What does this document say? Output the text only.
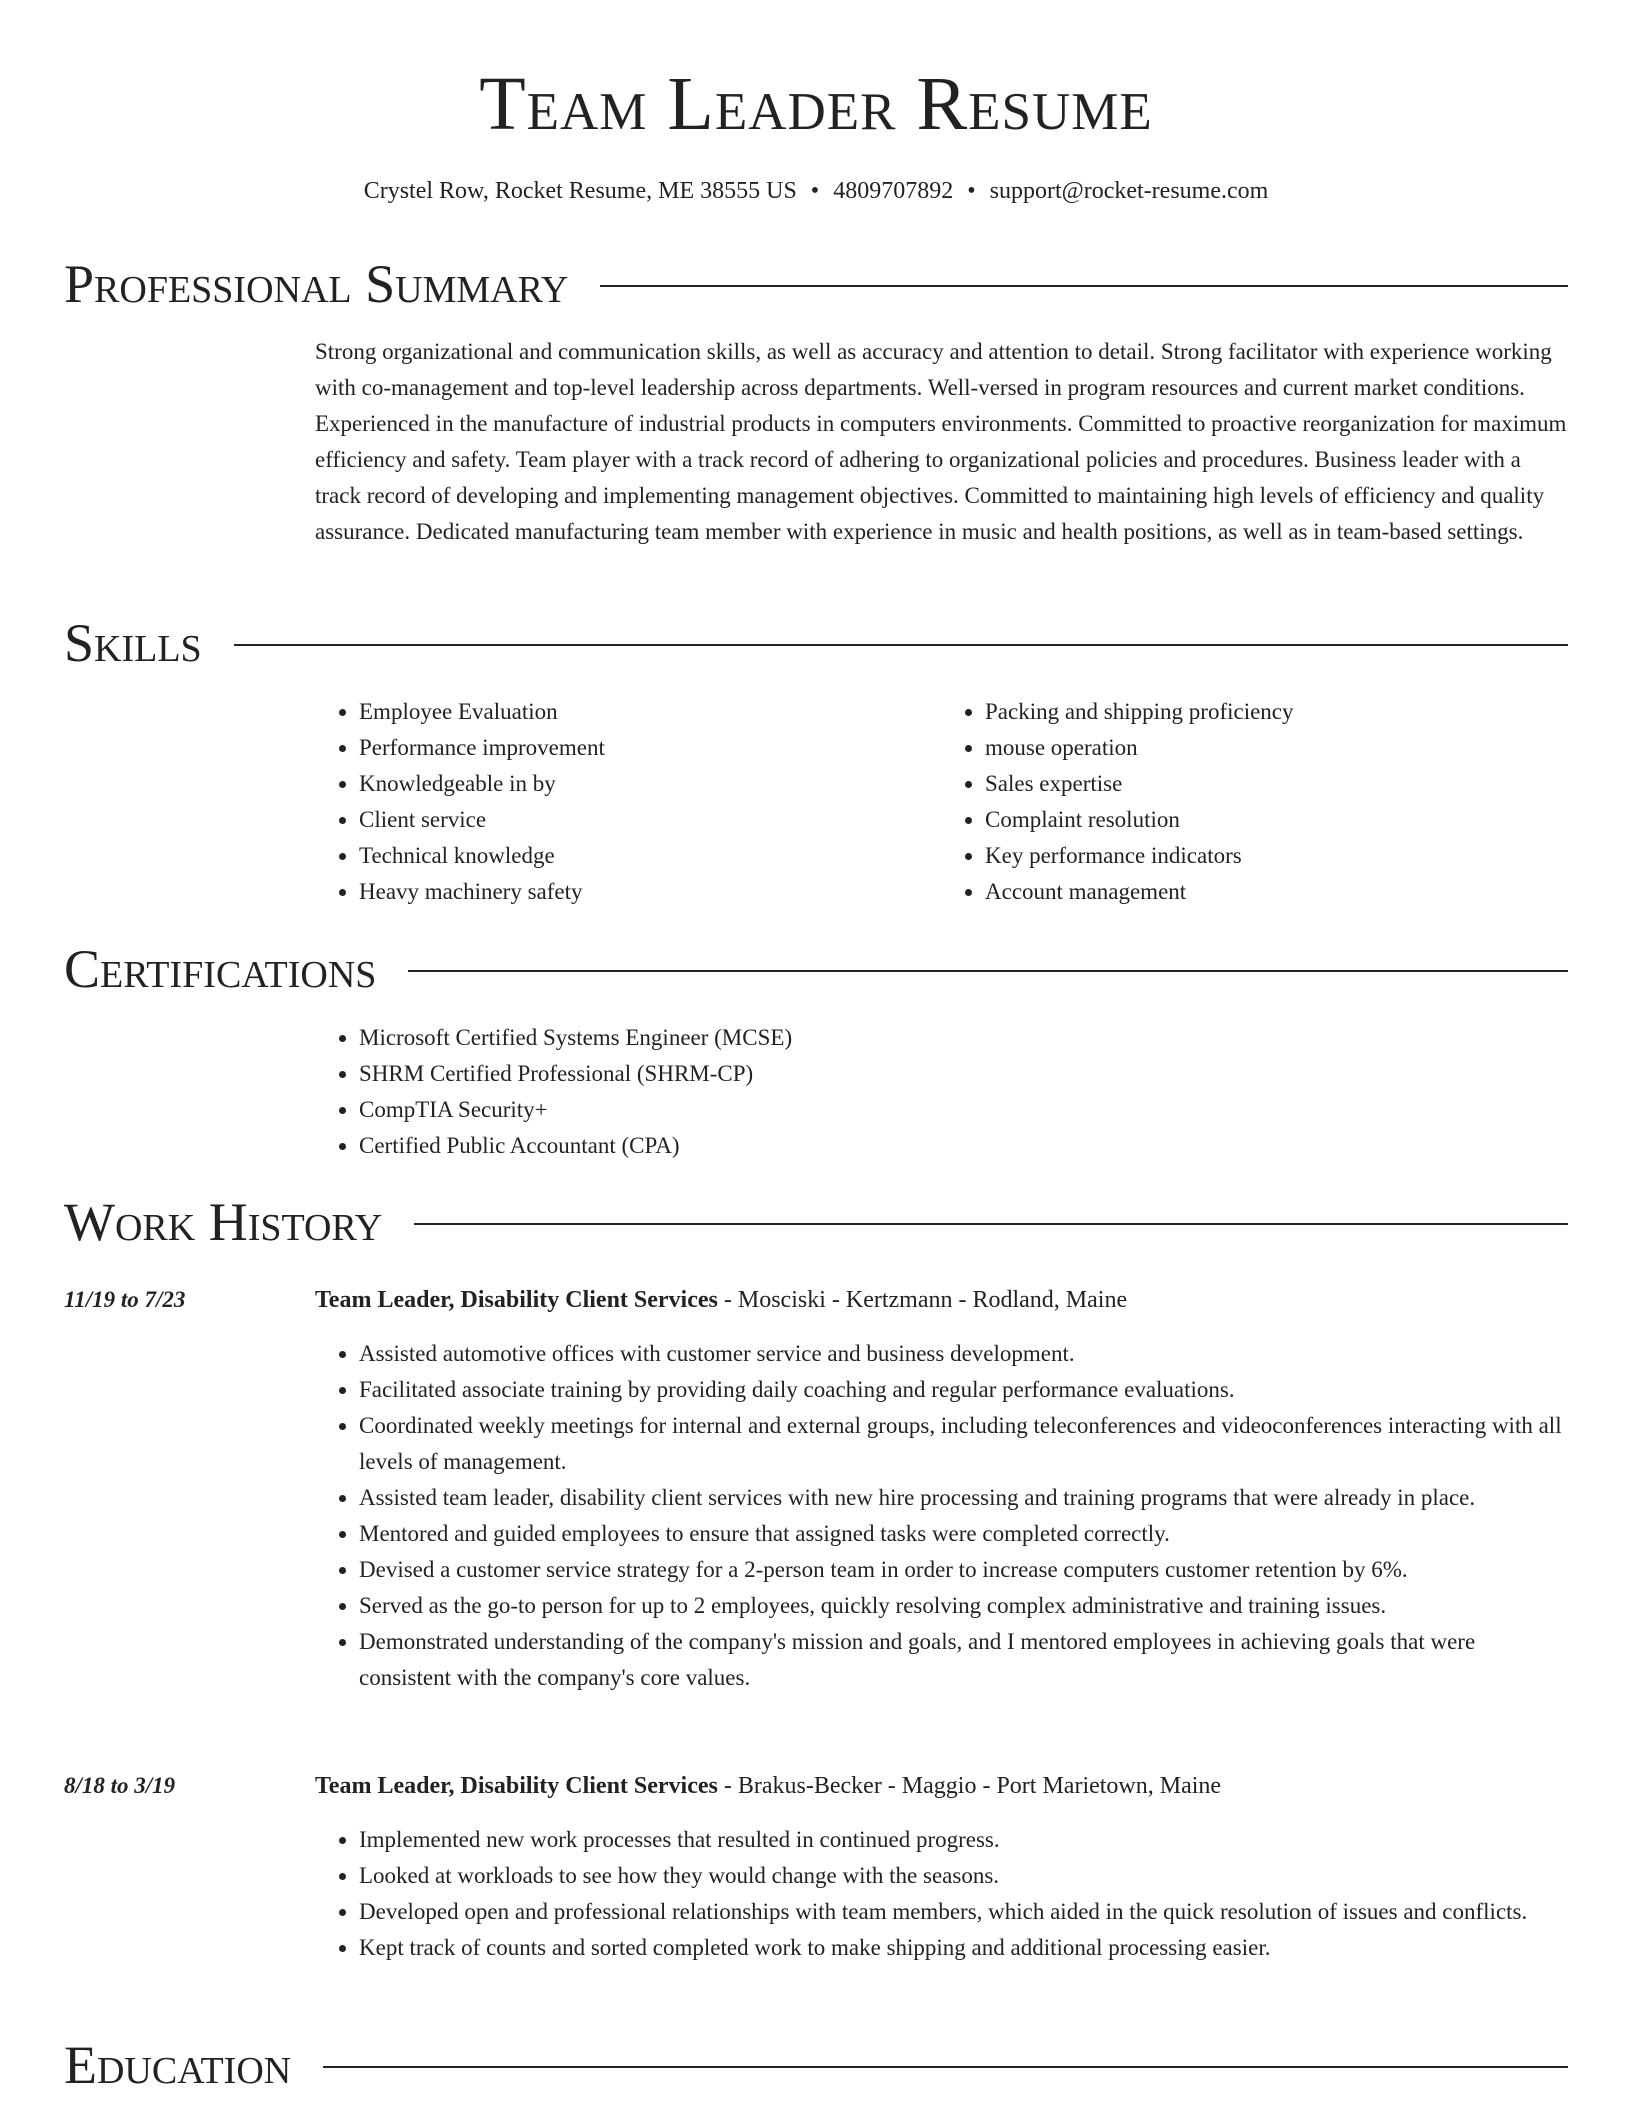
Team Leader Resume
Crystel Row, Rocket Resume, ME 38555 US • 4809707892 • support@rocket-resume.com
Professional Summary

Strong organizational and communication skills, as well as accuracy and attention to detail. Strong facilitator with experience working with co-management and top-level leadership across departments. Well-versed in program resources and current market conditions. Experienced in the manufacture of industrial products in computers environments. Committed to proactive reorganization for maximum efficiency and safety. Team player with a track record of adhering to organizational policies and procedures. Business leader with a track record of developing and implementing management objectives. Committed to maintaining high levels of efficiency and quality assurance. Dedicated manufacturing team member with experience in music and health positions, as well as in team-based settings.

Skills
• Employee Evaluation
• Performance improvement
• Knowledgeable in by
• Client service
• Technical knowledge
• Heavy machinery safety
• Packing and shipping proficiency
• mouse operation
• Sales expertise
• Complaint resolution
• Key performance indicators
• Account management
Certifications
• Microsoft Certified Systems Engineer (MCSE)
• SHRM Certified Professional (SHRM-CP)
• CompTIA Security+
• Certified Public Accountant (CPA)
Work History
11/19 to 7/23	Team Leader, Disability Client Services - Mosciski - Kertzmann - Rodland, Maine
• Assisted automotive offices with customer service and business development.
• Facilitated associate training by providing daily coaching and regular performance evaluations.
• Coordinated weekly meetings for internal and external groups, including teleconferences and videoconferences interacting with all levels of management.
• Assisted team leader, disability client services with new hire processing and training programs that were already in place.
• Mentored and guided employees to ensure that assigned tasks were completed correctly.
• Devised a customer service strategy for a 2-person team in order to increase computers customer retention by 6%.
• Served as the go-to person for up to 2 employees, quickly resolving complex administrative and training issues.
• Demonstrated understanding of the company's mission and goals, and I mentored employees in achieving goals that were consistent with the company's core values.
8/18 to 3/19	Team Leader, Disability Client Services - Brakus-Becker - Maggio - Port Marietown, Maine
• Implemented new work processes that resulted in continued progress.
• Looked at workloads to see how they would change with the seasons.
• Developed open and professional relationships with team members, which aided in the quick resolution of issues and conflicts.
• Kept track of counts and sorted completed work to make shipping and additional processing easier.
Education
